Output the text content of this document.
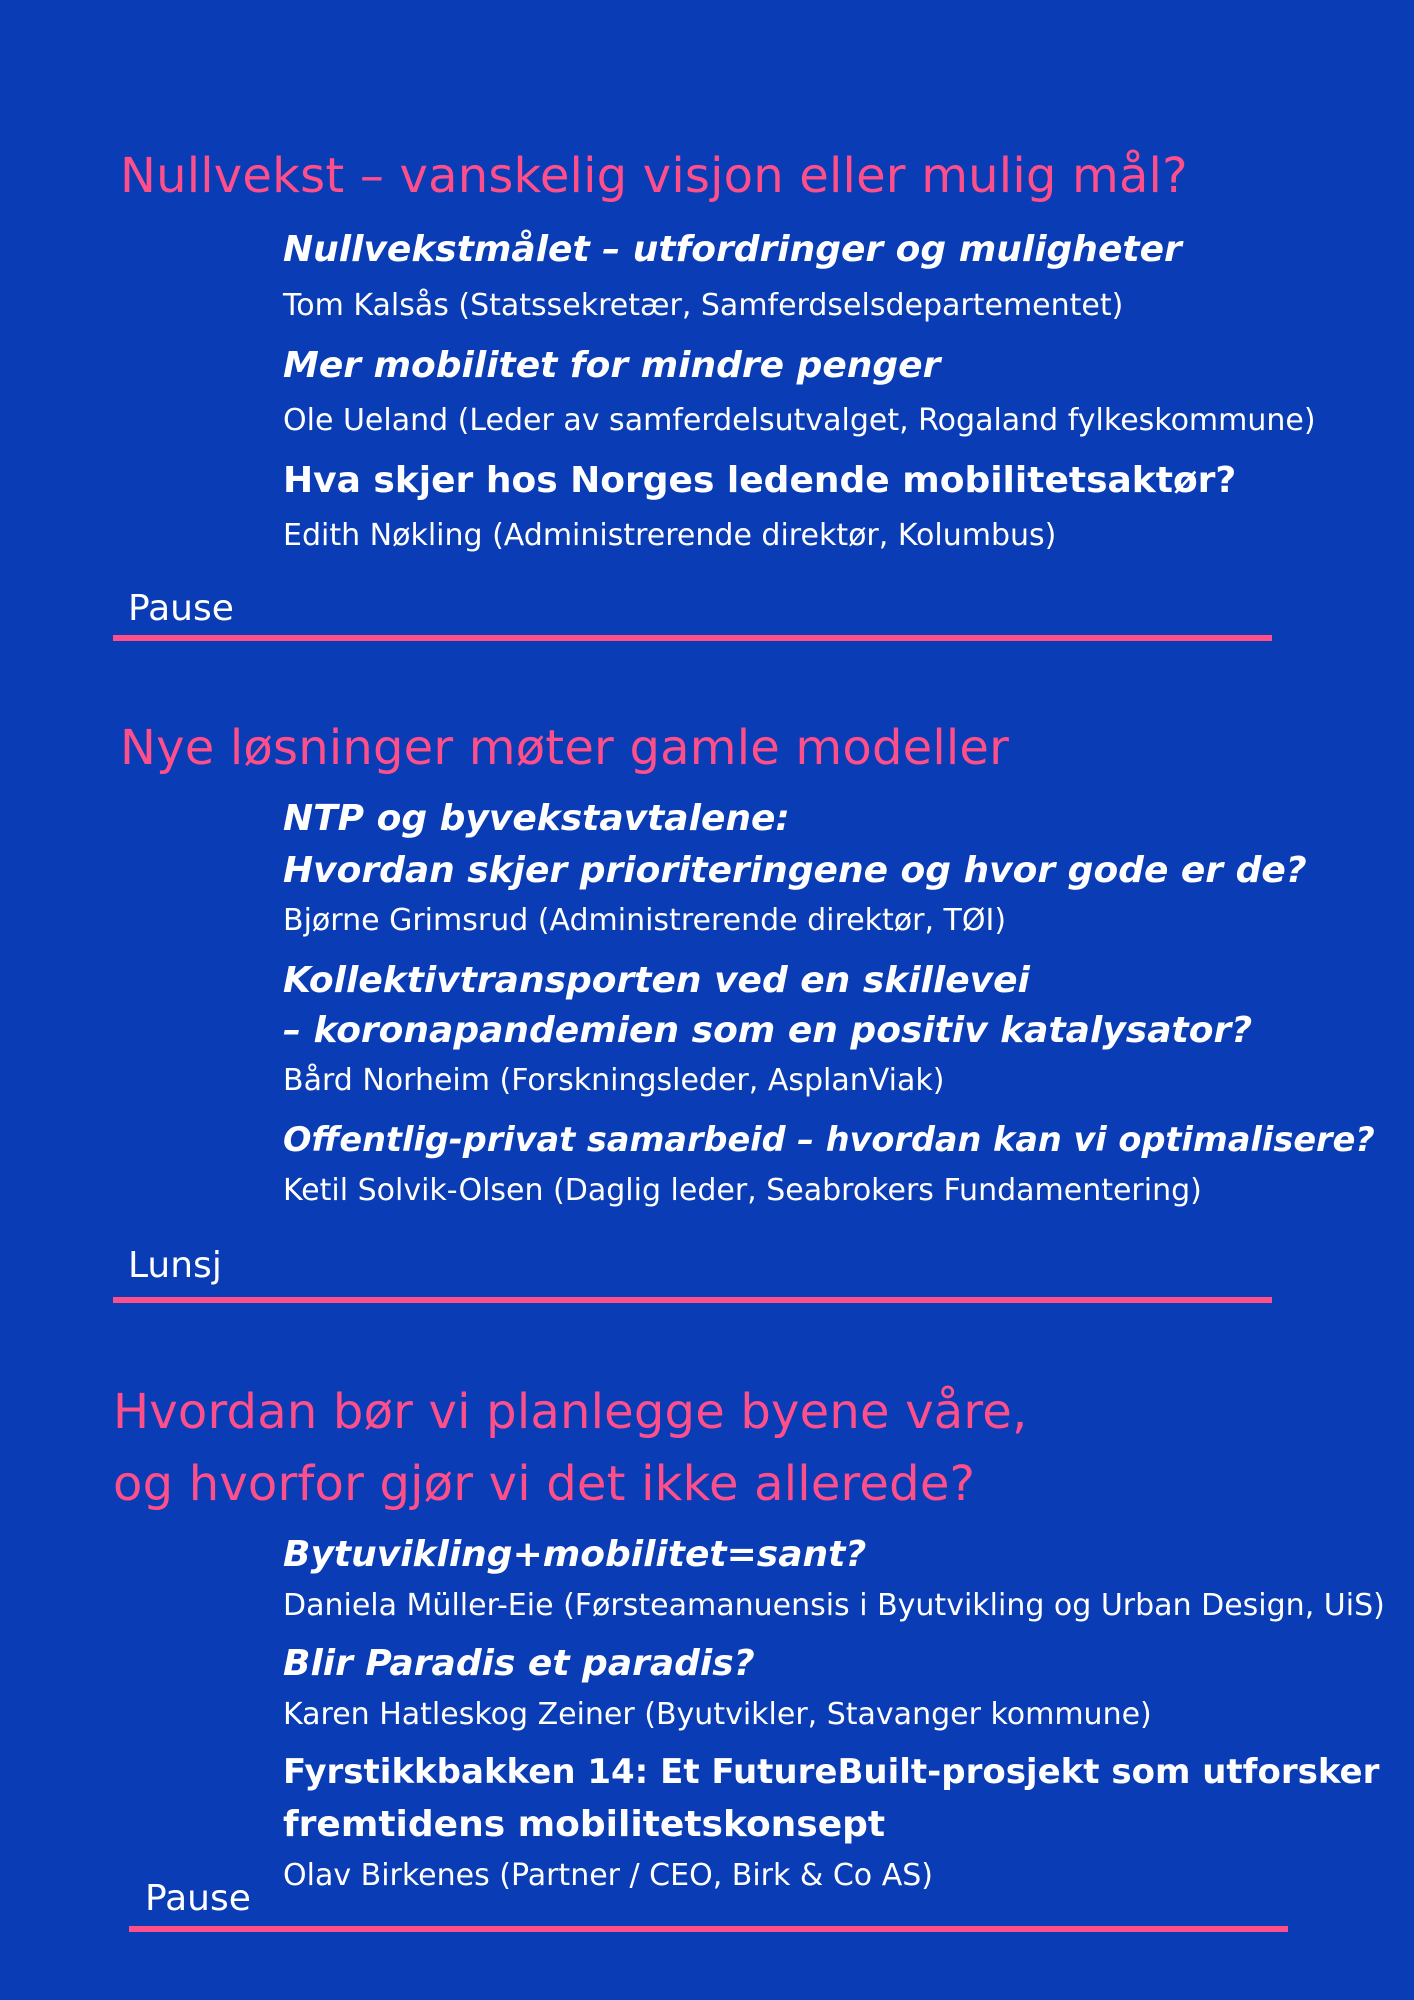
Nullvekst – vanskelig visjon eller mulig mål?
Nullvekstmålet – utfordringer og muligheter
Tom Kalsås (Statssekretær, Samferdselsdepartementet)
Mer mobilitet for mindre penger
Ole Ueland (Leder av samferdelsutvalget, Rogaland fylkeskommune)
Hva skjer hos Norges ledende mobilitetsaktør?
Edith Nøkling (Administrerende direktør, Kolumbus)
Pause
Nye løsninger møter gamle modeller
NTP og byvekstavtalene:
Hvordan skjer prioriteringene og hvor gode er de?
Bjørne Grimsrud (Administrerende direktør, TØI)
Kollektivtransporten ved en skillevei
– koronapandemien som en positiv katalysator?
Bård Norheim (Forskningsleder, AsplanViak)
Offentlig-privat samarbeid – hvordan kan vi optimalisere?
Ketil Solvik-Olsen (Daglig leder, Seabrokers Fundamentering)
Lunsj
Hvordan bør vi planlegge byene våre,
og hvorfor gjør vi det ikke allerede?
Bytuvikling+mobilitet=sant?
Daniela Müller-Eie (Førsteamanuensis i Byutvikling og Urban Design, UiS)
Blir Paradis et paradis?
Karen Hatleskog Zeiner (Byutvikler, Stavanger kommune)
Fyrstikkbakken 14: Et FutureBuilt-prosjekt som utforsker
fremtidens mobilitetskonsept
Olav Birkenes (Partner / CEO, Birk & Co AS)
Pause
